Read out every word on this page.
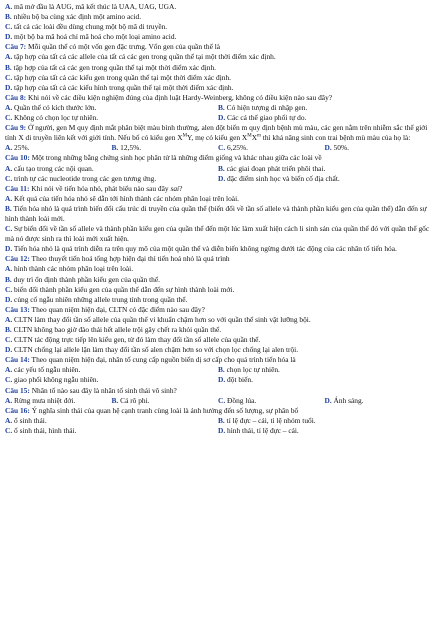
A. mã mở đầu là AUG, mã kết thúc là UAA, UAG, UGA.
B. nhiều bộ ba cùng xác định một amino acid.
C. tất cả các loài đều dùng chung một bộ mã di truyền.
D. một bộ ba mã hoá chỉ mã hoá cho một loại amino acid.
Câu 7: Mỗi quần thể có một vốn gen đặc trưng. Vốn gen của quần thể là
A. tập hợp của tất cả các allele của tất cả các gen trong quần thể tại một thời điểm xác định.
B. tập hợp của tất cả các gen trong quần thể tại một thời điểm xác định.
C. tập hợp của tất cả các kiểu gen trong quần thể tại một thời điểm xác định.
D. tập hợp của tất cả các kiểu hình trong quần thể tại một thời điểm xác định.
Câu 8: Khi nói về các điều kiện nghiệm đúng của định luật Hardy-Weinberg, không có điều kiện nào sau đây?
A. Quần thể có kích thước lớn.	B. Có hiện tượng di nhập gen.
C. Không có chọn lọc tự nhiên.	D. Các cá thể giao phối tự do.
Câu 9: Ở người, gen M quy định mắt phân biệt màu bình thường, alen đột biến m quy định bệnh mù màu, các gen nằm trên nhiễm sắc thể giới tính X di truyền liên kết với giới tính. Nếu bố có kiểu gen $X^MY$, mẹ có kiểu gen $X^MX^m$ thì khả năng sinh con trai bệnh mù màu của họ là:
A. 25%.	B. 12,5%.	C. 6,25%.	D. 50%.
Câu 10: Một trong những bằng chứng sinh học phân tử là những điểm giống và khác nhau giữa các loài về
A. cấu tạo trong các nội quan.	B. các giai đoạn phát triển phôi thai.
C. trình tự các nucleotide trong các gen tương ứng.	D. đặc điểm sinh học và biến cố địa chất.
Câu 11: Khi nói về tiến hóa nhỏ, phát biểu nào sau đây sai?
A. Kết quả của tiến hóa nhỏ sẽ dẫn tới hình thành các nhóm phân loại trên loài.
B. Tiến hóa nhỏ là quá trình biến đổi cấu trúc di truyền của quần thể (biến đổi về tần số allele và thành phần kiểu gen của quần thể) dẫn đến sự hình thành loài mới.
C. Sự biến đổi về tần số allele và thành phần kiểu gen của quần thể đến một lúc làm xuất hiện cách li sinh sản của quần thể đó với quần thể gốc mà nó được sinh ra thì loài mới xuất hiện.
D. Tiến hóa nhỏ là quá trình diễn ra trên quy mô của một quần thể và diễn biến không ngừng dưới tác động của các nhân tố tiến hóa.
Câu 12: Theo thuyết tiến hoá tổng hợp hiện đại thì tiến hoá nhỏ là quá trình
A. hình thành các nhóm phân loại trên loài.
B. duy trì ổn định thành phần kiểu gen của quần thể.
C. biến đổi thành phần kiểu gen của quần thể dẫn đến sự hình thành loài mới.
D. củng cố ngẫu nhiên những allele trung tính trong quần thể.
Câu 13: Theo quan niệm hiện đại, CLTN có đặc điểm nào sau đây?
A. CLTN làm thay đổi tần số allele của quần thể vi khuẩn chậm hơn so với quần thể sinh vật lưỡng bội.
B. CLTN không bao giờ đào thải hết allele trội gây chết ra khỏi quần thể.
C. CLTN tác động trực tiếp lên kiểu gen, từ đó làm thay đổi tần số allele của quần thể.
D. CLTN chống lại allele lặn làm thay đổi tần số alen chậm hơn so với chọn lọc chống lại alen trội.
Câu 14: Theo quan niệm hiện đại, nhân tố cung cấp nguồn biến dị sơ cấp cho quá trình tiến hóa là
A. các yếu tố ngẫu nhiên.	B. chọn lọc tự nhiên.
C. giao phối không ngẫu nhiên.	D. đột biến.
Câu 15: Nhân tố nào sau đây là nhân tố sinh thái vô sinh?
A. Rừng mưa nhiệt đới.	B. Cá rô phi.	C. Đồng lúa.	D. Ánh sáng.
Câu 16: Ý nghĩa sinh thái của quan hệ cạnh tranh cùng loài là ảnh hưởng đến số lượng, sự phân bố
A. ổ sinh thái.	B. tỉ lệ đực – cái, tỉ lệ nhóm tuổi.
C. ổ sinh thái, hình thái.	D. hình thái, tỉ lệ đực – cái.
